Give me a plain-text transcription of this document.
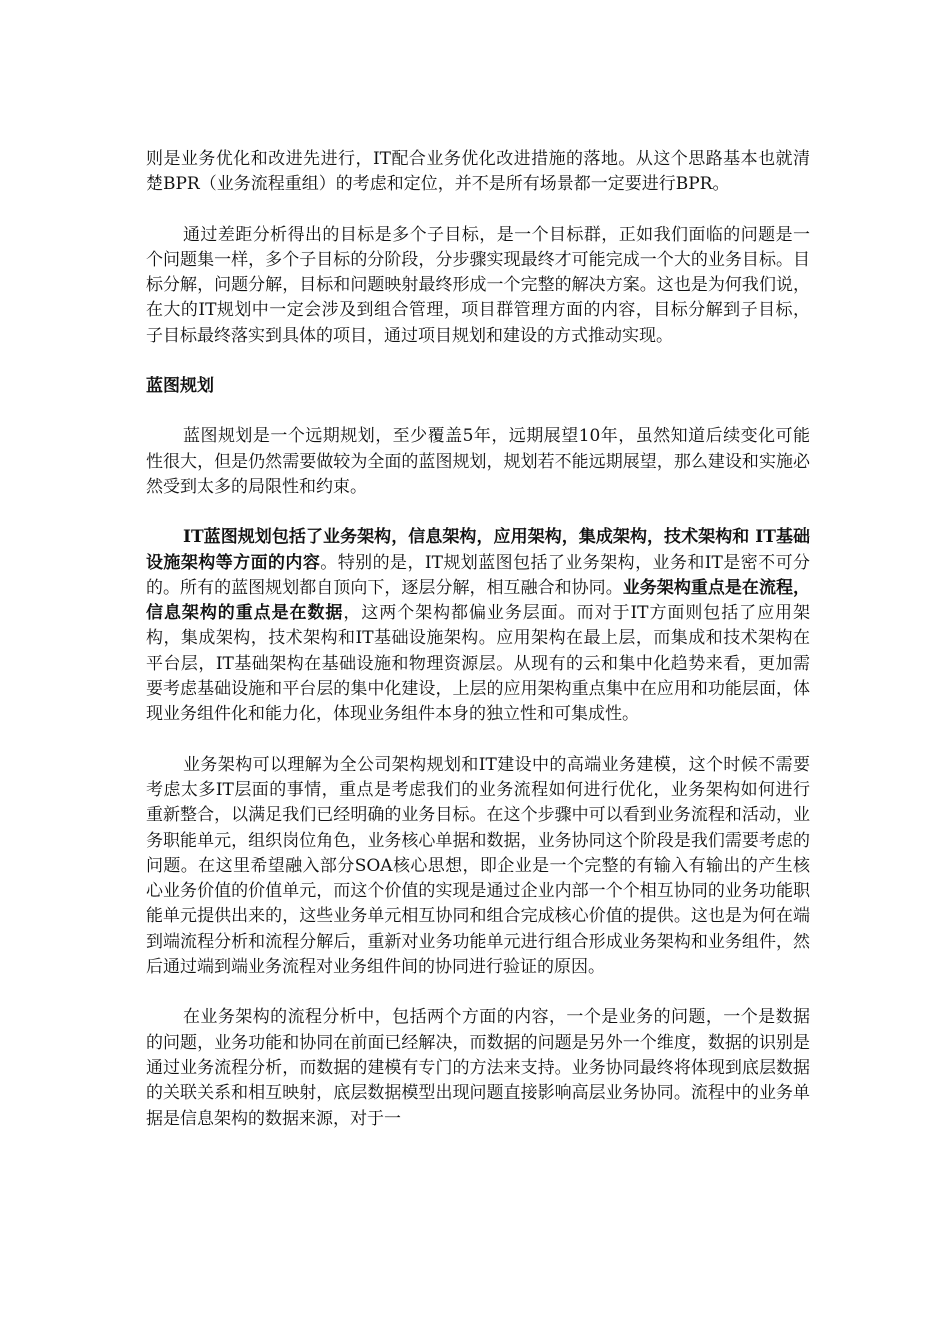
则是业务优化和改进先进行，IT配合业务优化改进措施的落地。从这个思路基本也就清楚BPR（业务流程重组）的考虑和定位，并不是所有场景都一定要进行BPR。

通过差距分析得出的目标是多个子目标，是一个目标群，正如我们面临的问题是一个问题集一样，多个子目标的分阶段，分步骤实现最终才可能完成一个大的业务目标。目标分解，问题分解，目标和问题映射最终形成一个完整的解决方案。这也是为何我们说，在大的IT规划中一定会涉及到组合管理，项目群管理方面的内容，目标分解到子目标，子目标最终落实到具体的项目，通过项目规划和建设的方式推动实现。

蓝图规划

蓝图规划是一个远期规划，至少覆盖5年，远期展望10年，虽然知道后续变化可能性很大，但是仍然需要做较为全面的蓝图规划，规划若不能远期展望，那么建设和实施必然受到太多的局限性和约束。

IT蓝图规划包括了业务架构，信息架构，应用架构，集成架构，技术架构和 IT基础设施架构等方面的内容。特别的是，IT规划蓝图包括了业务架构，业务和IT是密不可分的。所有的蓝图规划都自顶向下，逐层分解，相互融合和协同。业务架构重点是在流程，信息架构的重点是在数据，这两个架构都偏业务层面。而对于IT方面则包括了应用架构，集成架构，技术架构和IT基础设施架构。应用架构在最上层，而集成和技术架构在平台层，IT基础架构在基础设施和物理资源层。从现有的云和集中化趋势来看，更加需要考虑基础设施和平台层的集中化建设，上层的应用架构重点集中在应用和功能层面，体现业务组件化和能力化，体现业务组件本身的独立性和可集成性。

业务架构可以理解为全公司架构规划和IT建设中的高端业务建模，这个时候不需要考虑太多IT层面的事情，重点是考虑我们的业务流程如何进行优化，业务架构如何进行重新整合，以满足我们已经明确的业务目标。在这个步骤中可以看到业务流程和活动，业务职能单元，组织岗位角色，业务核心单据和数据，业务协同这个阶段是我们需要考虑的问题。在这里希望融入部分SOA核心思想，即企业是一个完整的有输入有输出的产生核心业务价值的价值单元，而这个价值的实现是通过企业内部一个个相互协同的业务功能职能单元提供出来的，这些业务单元相互协同和组合完成核心价值的提供。这也是为何在端到端流程分析和流程分解后，重新对业务功能单元进行组合形成业务架构和业务组件，然后通过端到端业务流程对业务组件间的协同进行验证的原因。

在业务架构的流程分析中，包括两个方面的内容，一个是业务的问题，一个是数据的问题，业务功能和协同在前面已经解决，而数据的问题是另外一个维度，数据的识别是通过业务流程分析，而数据的建模有专门的方法来支持。业务协同最终将体现到底层数据的关联关系和相互映射，底层数据模型出现问题直接影响高层业务协同。流程中的业务单据是信息架构的数据来源，对于一
